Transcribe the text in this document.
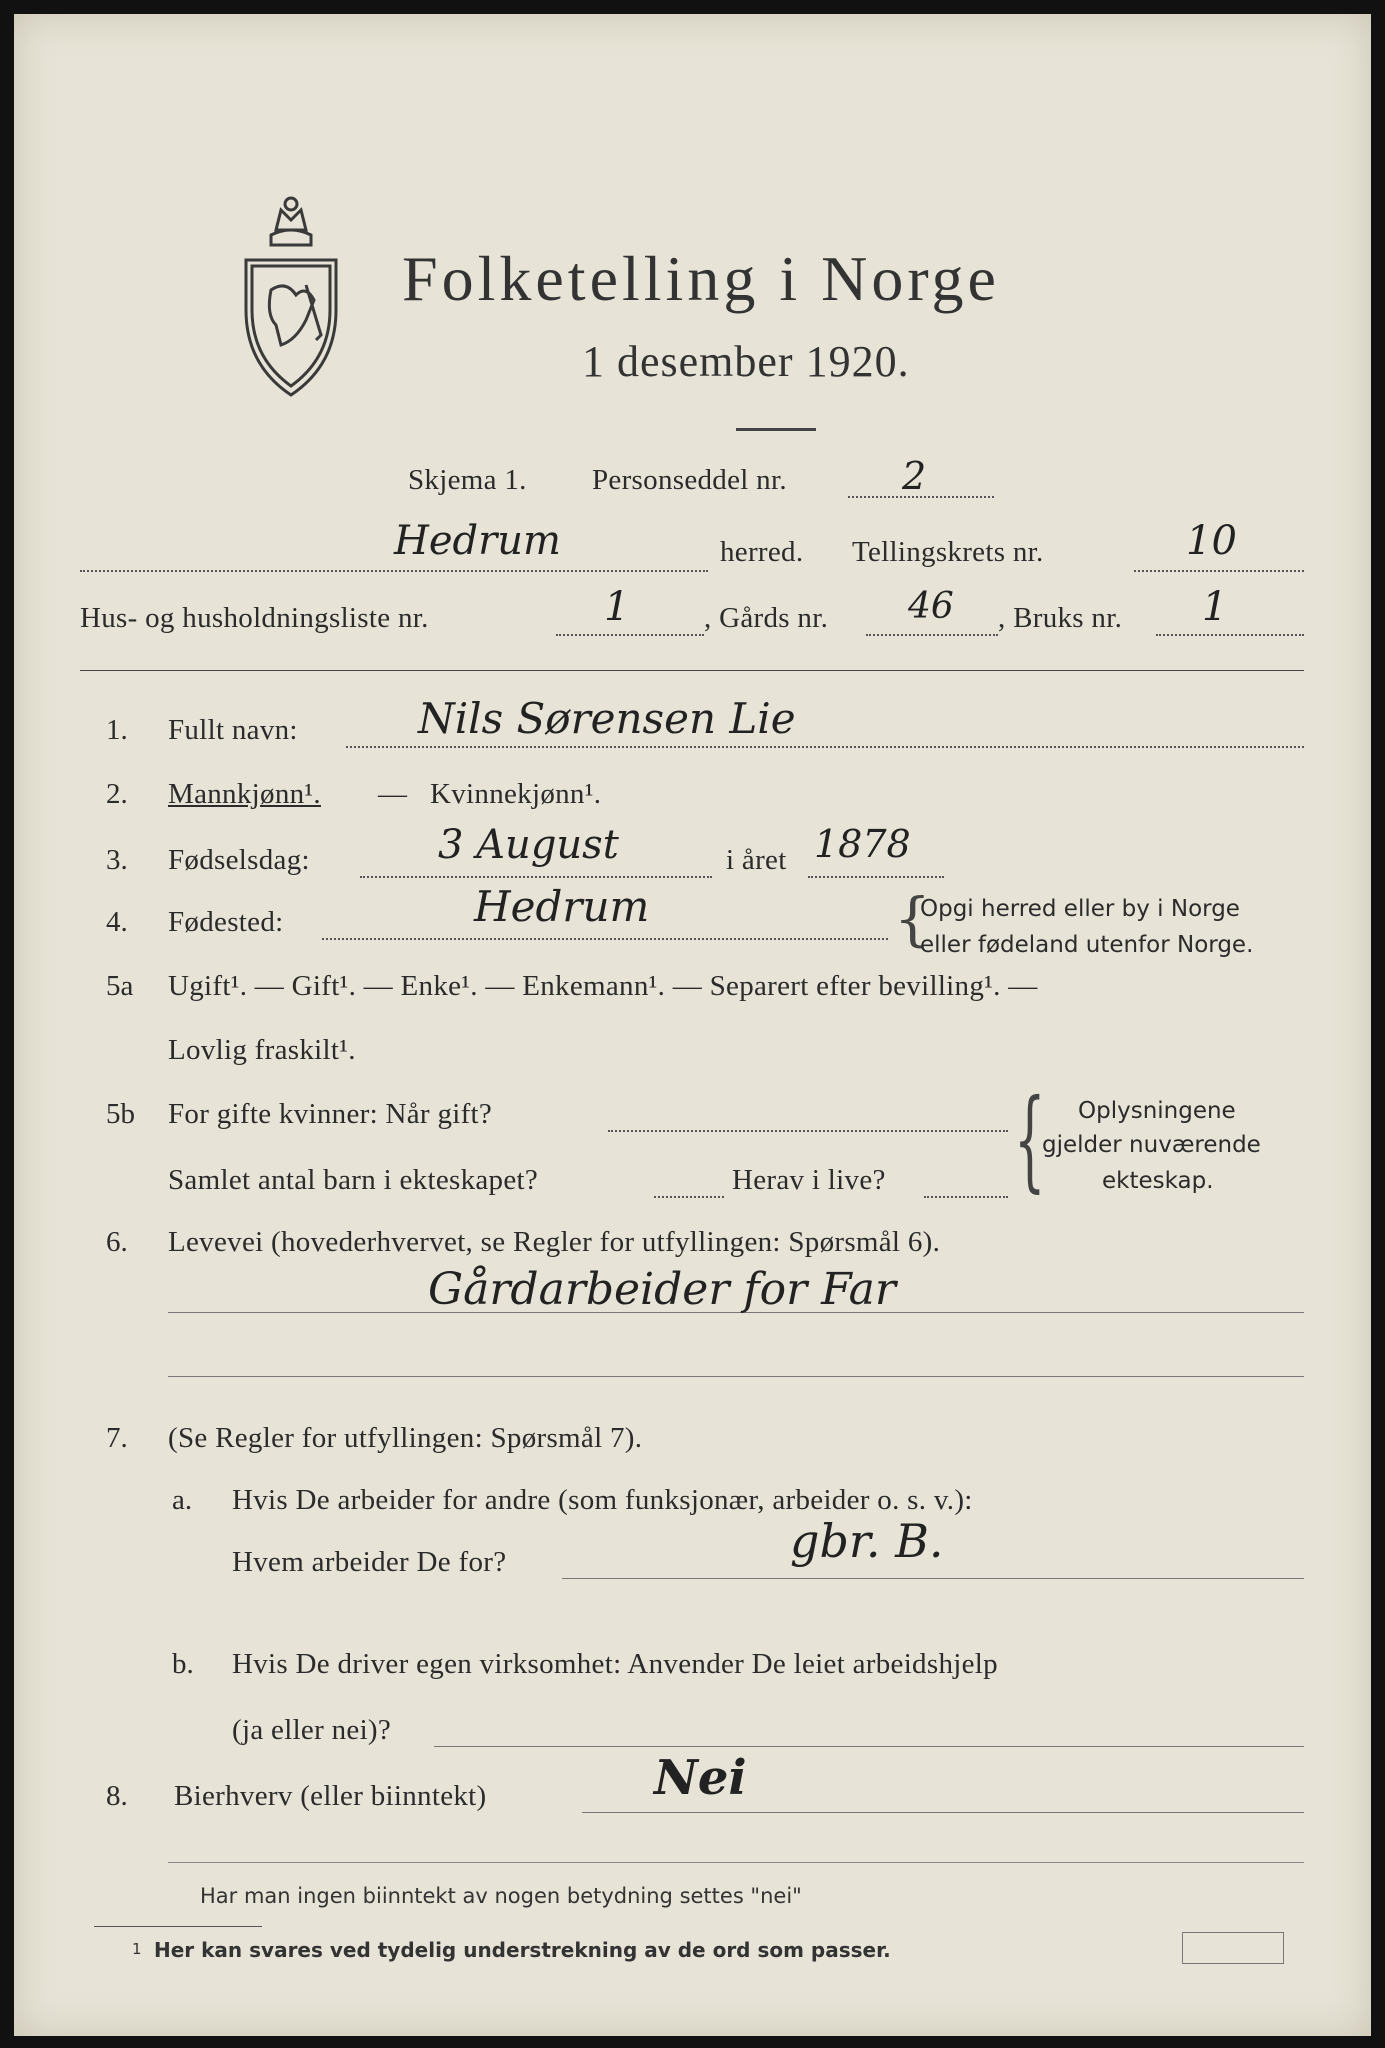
Folketelling i Norge
1 desember 1920.
Skjema 1. Personseddel nr.	2
Hedrum	herred. Tellingskrets nr.	10
Hus- og husholdningsliste nr.	1	, Gårds nr. 46 , Bruks nr. 1
1. Fullt navn:	Nils Sørensen Lie
2. Mannkjønn¹. — Kvinnekjønn¹.
3. Fødselsdag:	3 August	i året 1878
4. Fødested:	Hedrum	{
Opgi herred eller by i Norge
eller fødeland utenfor Norge.
5a Ugift¹. — Gift¹. — Enke¹. — Enkemann¹. — Separert efter bevilling¹. —
Lovlig fraskilt¹.
5b For gifte kvinner: Når gift?
Samlet antal barn i ekteskapet?	Herav i live? { Oplysningene
gjelder nuværende
ekteskap.
6. Levevei (hovederhvervet, se Regler for utfyllingen: Spørsmål 6).
Gårdarbeider for Far
7. (Se Regler for utfyllingen: Spørsmål 7).
a. Hvis De arbeider for andre (som funksjonær, arbeider o. s. v.):
Hvem arbeider De for?	gbr. B.
b. Hvis De driver egen virksomhet: Anvender De leiet arbeidshjelp
(ja eller nei)?
8. Bierhverv (eller biinntekt)	Nei
Har man ingen biinntekt av nogen betydning settes "nei"
1 Her kan svares ved tydelig understrekning av de ord som passer.
